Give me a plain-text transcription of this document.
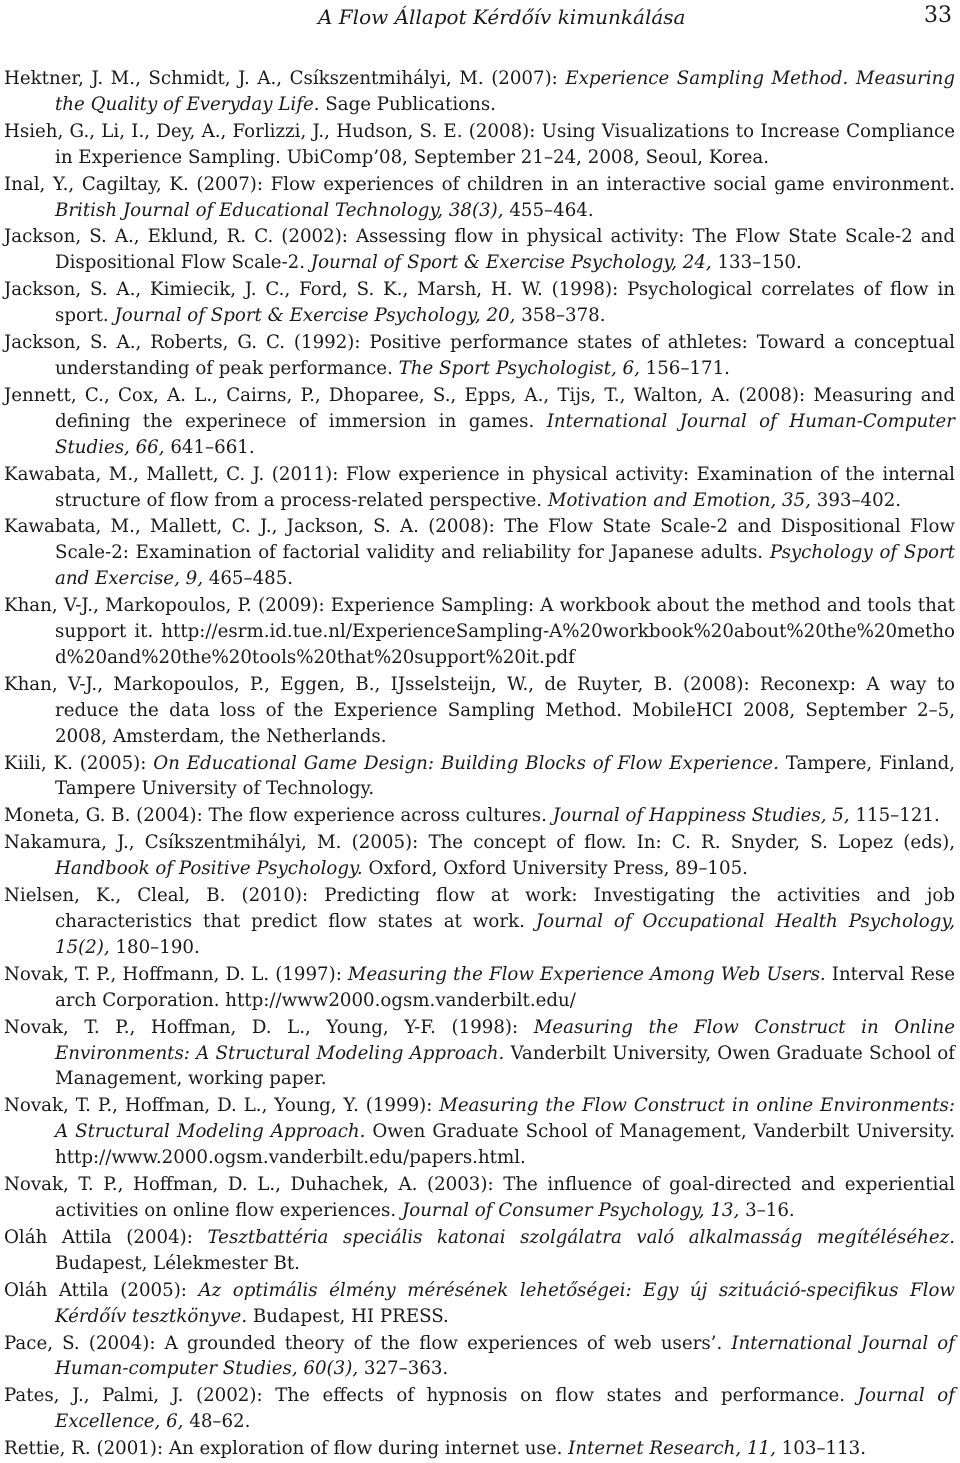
A Flow Állapot Kérdőív kimunkálása	33
Hektner, J. M., Schmidt, J. A., Csíkszentmihályi, M. (2007): Experience Sampling Method. Measuring the Quality of Everyday Life. Sage Publications.
Hsieh, G., Li, I., Dey, A., Forlizzi, J., Hudson, S. E. (2008): Using Visualizations to Increase Compliance in Experience Sampling. UbiComp’08, September 21–24, 2008, Seoul, Korea.
Inal, Y., Cagiltay, K. (2007): Flow experiences of children in an interactive social game environment. British Journal of Educational Technology, 38(3), 455–464.
Jackson, S. A., Eklund, R. C. (2002): Assessing flow in physical activity: The Flow State Scale-2 and Dispositional Flow Scale-2. Journal of Sport & Exercise Psychology, 24, 133–150.
Jackson, S. A., Kimiecik, J. C., Ford, S. K., Marsh, H. W. (1998): Psychological correlates of flow in sport. Journal of Sport & Exercise Psychology, 20, 358–378.
Jackson, S. A., Roberts, G. C. (1992): Positive performance states of athletes: Toward a conceptual understanding of peak performance. The Sport Psychologist, 6, 156–171.
Jennett, C., Cox, A. L., Cairns, P., Dhoparee, S., Epps, A., Tijs, T., Walton, A. (2008): Measuring and defining the experinece of immersion in games. International Journal of Human-Computer Studies, 66, 641–661.
Kawabata, M., Mallett, C. J. (2011): Flow experience in physical activity: Examination of the internal structure of flow from a process-related perspective. Motivation and Emotion, 35, 393–402.
Kawabata, M., Mallett, C. J., Jackson, S. A. (2008): The Flow State Scale-2 and Dispositional Flow Scale-2: Examination of factorial validity and reliability for Japanese adults. Psychology of Sport and Exercise, 9, 465–485.
Khan, V-J., Markopoulos, P. (2009): Experience Sampling: A workbook about the method and tools that support it. http://esrm.id.tue.nl/ExperienceSampling-A%20workbook%20about%20the%20method%20and%20the%20tools%20that%20support%20it.pdf
Khan, V-J., Markopoulos, P., Eggen, B., IJsselsteijn, W., de Ruyter, B. (2008): Reconexp: A way to reduce the data loss of the Experience Sampling Method. MobileHCI 2008, September 2–5, 2008, Amsterdam, the Netherlands.
Kiili, K. (2005): On Educational Game Design: Building Blocks of Flow Experience. Tampere, Finland, Tampere University of Technology.
Moneta, G. B. (2004): The flow experience across cultures. Journal of Happiness Studies, 5, 115–121.
Nakamura, J., Csíkszentmihályi, M. (2005): The concept of flow. In: C. R. Snyder, S. Lopez (eds), Handbook of Positive Psychology. Oxford, Oxford University Press, 89–105.
Nielsen, K., Cleal, B. (2010): Predicting flow at work: Investigating the activities and job characteristics that predict flow states at work. Journal of Occupational Health Psychology, 15(2), 180–190.
Novak, T. P., Hoffmann, D. L. (1997): Measuring the Flow Experience Among Web Users. Interval Research Corporation. http://www2000.ogsm.vanderbilt.edu/
Novak, T. P., Hoffman, D. L., Young, Y-F. (1998): Measuring the Flow Construct in Online Environments: A Structural Modeling Approach. Vanderbilt University, Owen Graduate School of Management, working paper.
Novak, T. P., Hoffman, D. L., Young, Y. (1999): Measuring the Flow Construct in online Environments: A Structural Modeling Approach. Owen Graduate School of Management, Vanderbilt University. http://www.2000.ogsm.vanderbilt.edu/papers.html.
Novak, T. P., Hoffman, D. L., Duhachek, A. (2003): The influence of goal-directed and experiential activities on online flow experiences. Journal of Consumer Psychology, 13, 3–16.
Oláh Attila (2004): Tesztbattéria speciális katonai szolgálatra való alkalmasság megítéléséhez. Budapest, Lélekmester Bt.
Oláh Attila (2005): Az optimális élmény mérésének lehetőségei: Egy új szituáció-specifikus Flow Kérdőív tesztkönyve. Budapest, HI PRESS.
Pace, S. (2004): A grounded theory of the flow experiences of web users’. International Journal of Human-computer Studies, 60(3), 327–363.
Pates, J., Palmi, J. (2002): The effects of hypnosis on flow states and performance. Journal of Excellence, 6, 48–62.
Rettie, R. (2001): An exploration of flow during internet use. Internet Research, 11, 103–113.
